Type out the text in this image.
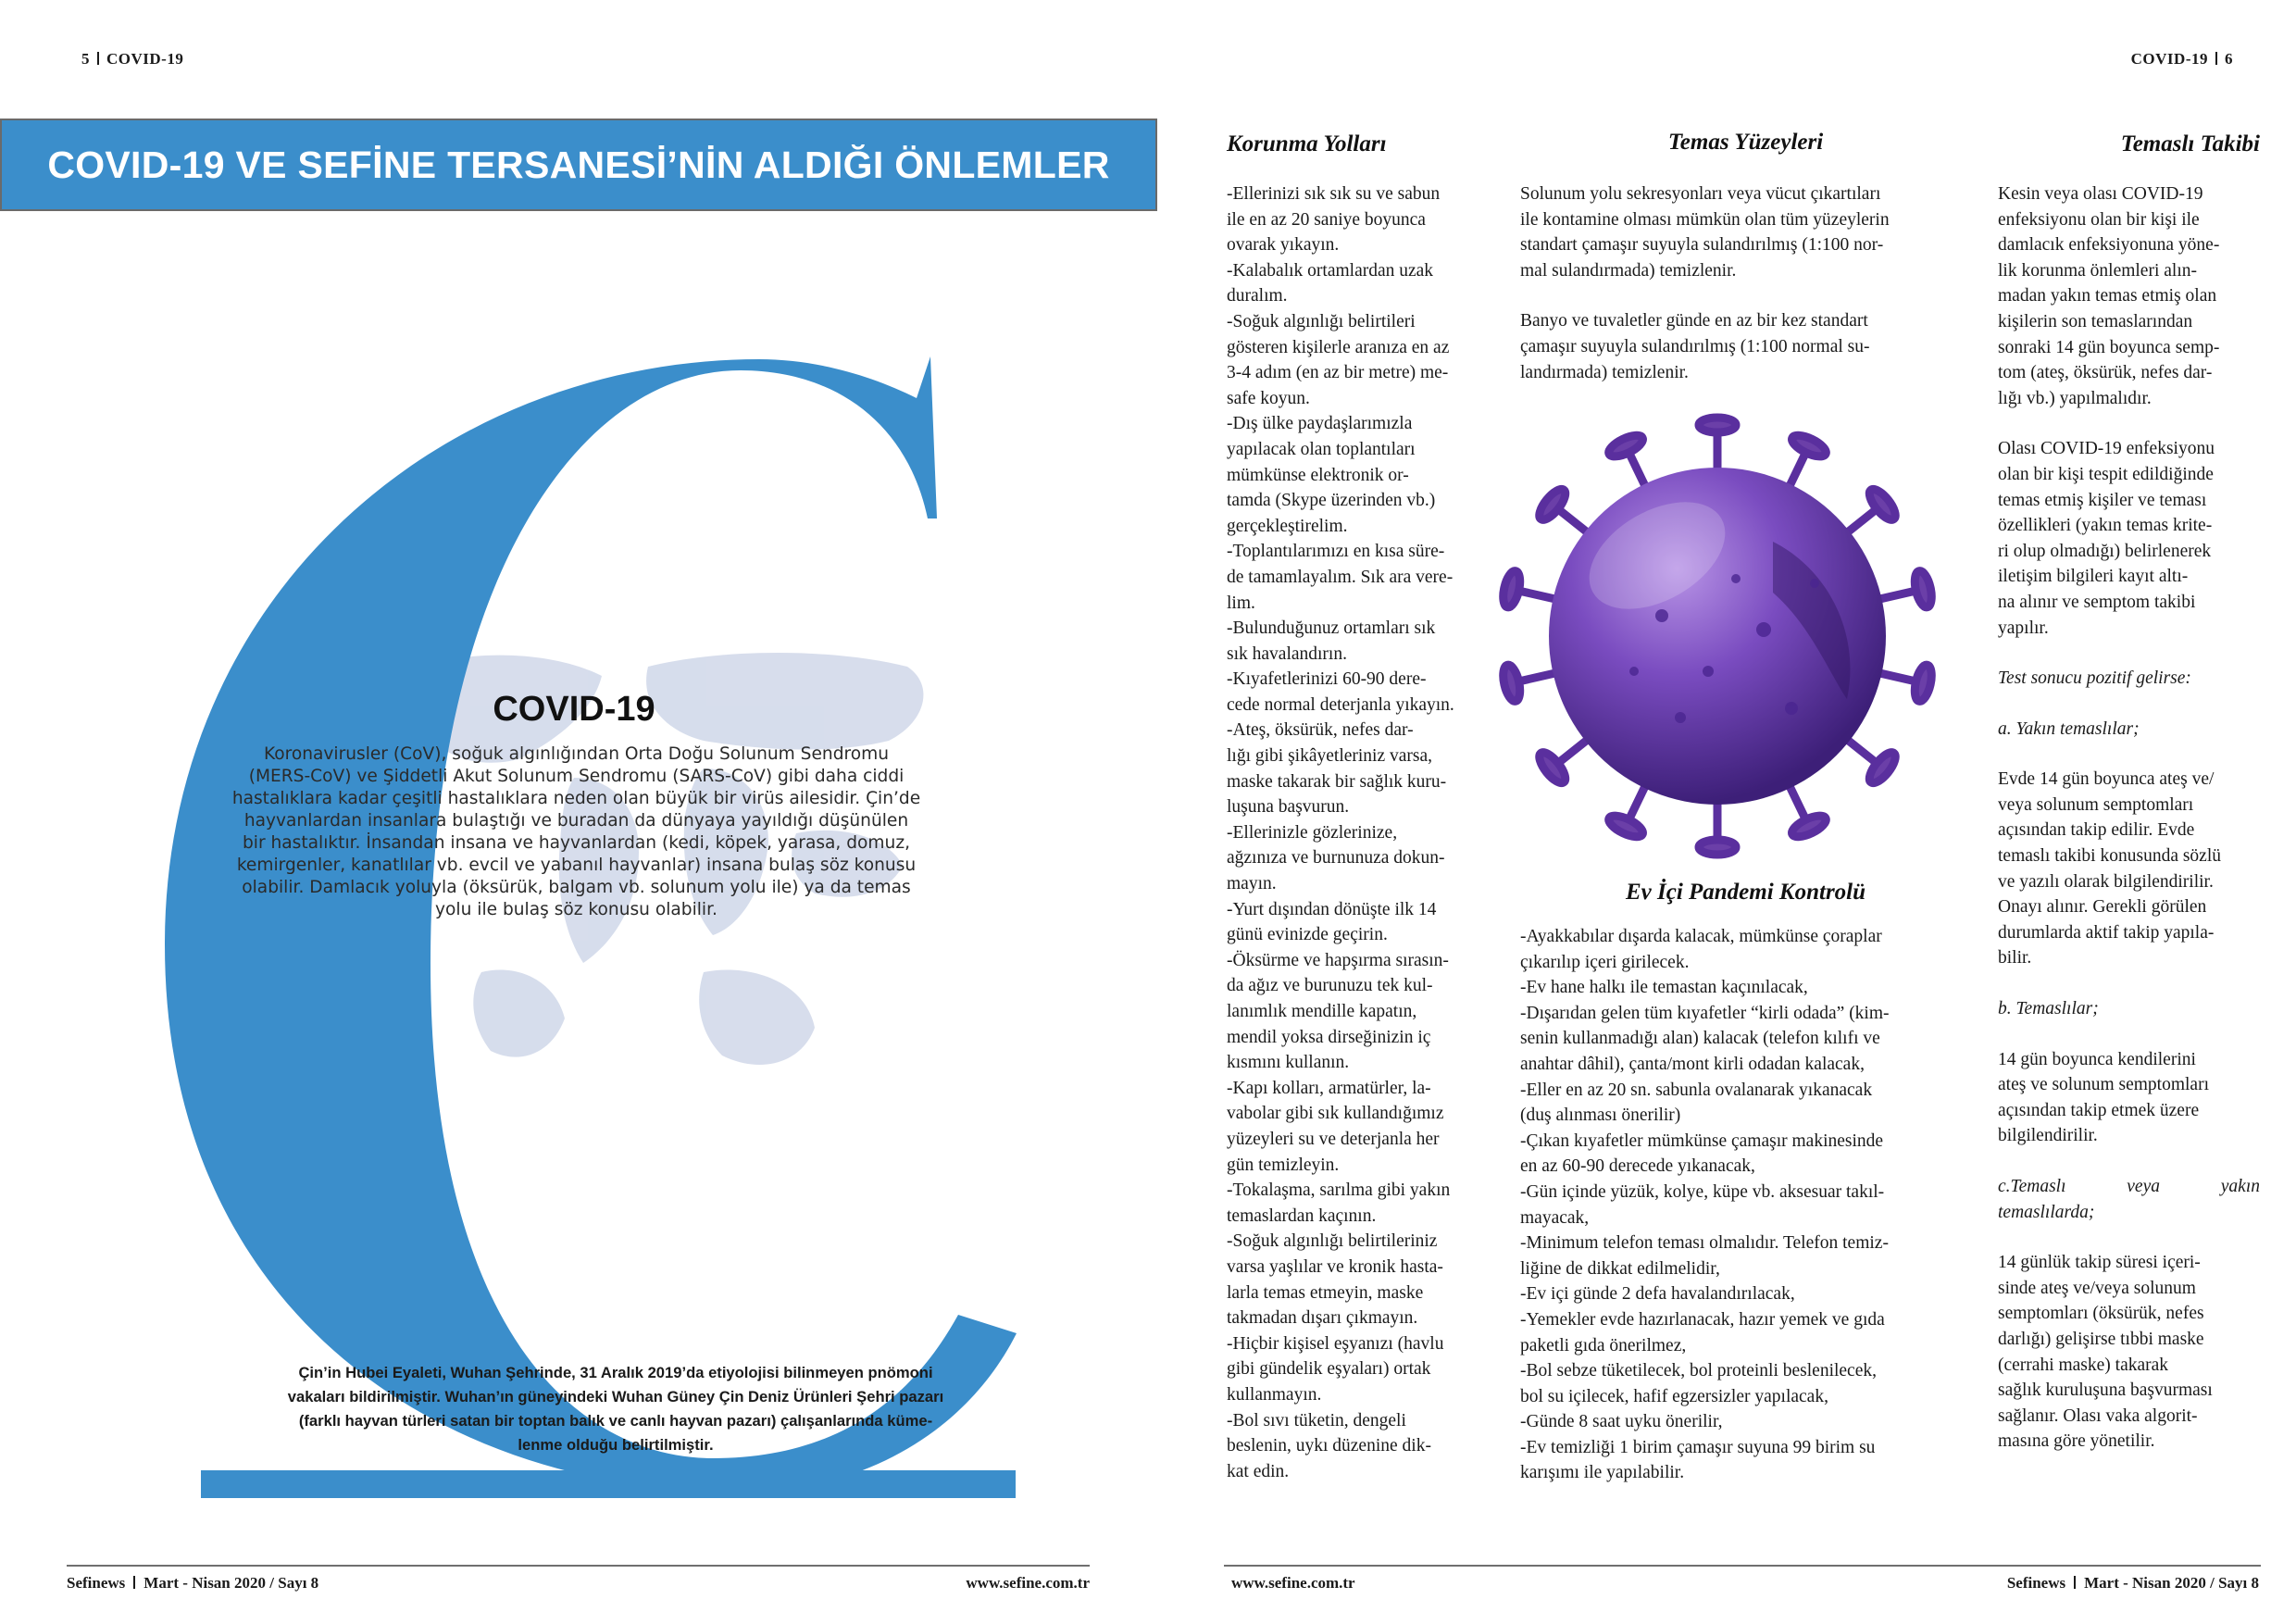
5 COVID-19	COVID-19 6
COVID-19 VE SEFİNE TERSANESİ’NİN ALDIĞI ÖNLEMLER
COVID-19
Koronavirusler (CoV), soğuk algınlığından Orta Doğu Solunum Sendromu
(MERS-CoV) ve Şiddetli Akut Solunum Sendromu (SARS-CoV) gibi daha ciddi
hastalıklara kadar çeşitli hastalıklara neden olan büyük bir virüs ailesidir. Çin’de
hayvanlardan insanlara bulaştığı ve buradan da dünyaya yayıldığı düşünülen
bir hastalıktır. İnsandan insana ve hayvanlardan (kedi, köpek, yarasa, domuz,
kemirgenler, kanatlılar vb. evcil ve yabanıl hayvanlar) insana bulaş söz konusu
olabilir. Damlacık yoluyla (öksürük, balgam vb. solunum yolu ile) ya da temas
yolu ile bulaş söz konusu olabilir.
Çin’in Hubei Eyaleti, Wuhan Şehrinde, 31 Aralık 2019’da etiyolojisi bilinmeyen pnömoni
vakaları bildirilmiştir. Wuhan’ın güneyindeki Wuhan Güney Çin Deniz Ürünleri Şehri pazarı
(farklı hayvan türleri satan bir toptan balık ve canlı hayvan pazarı) çalışanlarında küme-
lenme olduğu belirtilmiştir.
Korunma Yolları	Temas Yüzeyleri	Temaslı Takibi

-Ellerinizi sık sık su ve sabun

ile en az 20 saniye boyunca

ovarak yıkayın.

-Kalabalık ortamlardan uzak

duralım.

-Soğuk algınlığı belirtileri

gösteren kişilerle aranıza en az

3-4 adım (en az bir metre) me-

safe koyun.

-Dış ülke paydaşlarımızla

yapılacak olan toplantıları

mümkünse elektronik or-

tamda (Skype üzerinden vb.)

gerçekleştirelim.

-Toplantılarımızı en kısa süre-

de tamamlayalım. Sık ara vere-

lim.

-Bulunduğunuz ortamları sık

sık havalandırın.

-Kıyafetlerinizi 60-90 dere-

cede normal deterjanla yıkayın.

-Ateş, öksürük, nefes dar-

lığı gibi şikâyetleriniz varsa,

maske takarak bir sağlık kuru-

luşuna başvurun.

-Ellerinizle gözlerinize,

ağzınıza ve burnunuza dokun-

mayın.

-Yurt dışından dönüşte ilk 14

günü evinizde geçirin.

-Öksürme ve hapşırma sırasın-

da ağız ve burunuzu tek kul-

lanımlık mendille kapatın,

mendil yoksa dirseğinizin iç

kısmını kullanın.

-Kapı kolları, armatürler, la-

vabolar gibi sık kullandığımız

yüzeyleri su ve deterjanla her

gün temizleyin.

-Tokalaşma, sarılma gibi yakın

temaslardan kaçının.

-Soğuk algınlığı belirtileriniz

varsa yaşlılar ve kronik hasta-

larla temas etmeyin, maske

takmadan dışarı çıkmayın.

-Hiçbir kişisel eşyanızı (havlu

gibi gündelik eşyaları) ortak

kullanmayın.

-Bol sıvı tüketin, dengeli

beslenin, uykı düzenine dik-

kat edin.

Solunum yolu sekresyonları veya vücut çıkartıları

ile kontamine olması mümkün olan tüm yüzeylerin

standart çamaşır suyuyla sulandırılmış (1:100 nor-

mal sulandırmada) temizlenir.

Banyo ve tuvaletler günde en az bir kez standart

çamaşır suyuyla sulandırılmış (1:100 normal su-

landırmada) temizlenir.

Ev İçi Pandemi Kontrolü

-Ayakkabılar dışarda kalacak, mümkünse çoraplar

çıkarılıp içeri girilecek.

-Ev hane halkı ile temastan kaçınılacak,

-Dışarıdan gelen tüm kıyafetler “kirli odada” (kim-

senin kullanmadığı alan) kalacak (telefon kılıfı ve

anahtar dâhil), çanta/mont kirli odadan kalacak,

-Eller en az 20 sn. sabunla ovalanarak yıkanacak

(duş alınması önerilir)

-Çıkan kıyafetler mümkünse çamaşır makinesinde

en az 60-90 derecede yıkanacak,

-Gün içinde yüzük, kolye, küpe vb. aksesuar takıl-

mayacak,

-Minimum telefon teması olmalıdır. Telefon temiz-

liğine de dikkat edilmelidir,

-Ev içi günde 2 defa havalandırılacak,

-Yemekler evde hazırlanacak, hazır yemek ve gıda

paketli gıda önerilmez,

-Bol sebze tüketilecek, bol proteinli beslenilecek,

bol su içilecek, hafif egzersizler yapılacak,

-Günde 8 saat uyku önerilir,

-Ev temizliği 1 birim çamaşır suyuna 99 birim su

karışımı ile yapılabilir.

Kesin veya olası COVID-19

enfeksiyonu olan bir kişi ile

damlacık enfeksiyonuna yöne-

lik korunma önlemleri alın-

madan yakın temas etmiş olan

kişilerin son temaslarından

sonraki 14 gün boyunca semp-

tom (ateş, öksürük, nefes dar-

lığı vb.) yapılmalıdır.

Olası COVID-19 enfeksiyonu

olan bir kişi tespit edildiğinde

temas etmiş kişiler ve teması

özellikleri (yakın temas krite-

ri olup olmadığı) belirlenerek

iletişim bilgileri kayıt altı-

na alınır ve semptom takibi

yapılır.

Test sonucu pozitif gelirse:

a. Yakın temaslılar;

Evde 14 gün boyunca ateş ve/

veya solunum semptomları

açısından takip edilir. Evde

temaslı takibi konusunda sözlü

ve yazılı olarak bilgilendirilir.

Onayı alınır. Gerekli görülen

durumlarda aktif takip yapıla-

bilir.

b. Temaslılar;

14 gün boyunca kendilerini

ateş ve solunum semptomları

açısından takip etmek üzere

bilgilendirilir.

c.Temaslı veya yakın

temaslılarda;

14 günlük takip süresi içeri-

sinde ateş ve/veya solunum

semptomları (öksürük, nefes

darlığı) gelişirse tıbbi maske

(cerrahi maske) takarak

sağlık kuruluşuna başvurması

sağlanır. Olası vaka algorit-

masına göre yönetilir.

Sefinews Mart - Nisan 2020 / Sayı 8	www.sefine.com.tr	www.sefine.com.tr	Sefinews Mart - Nisan 2020 / Sayı 8
